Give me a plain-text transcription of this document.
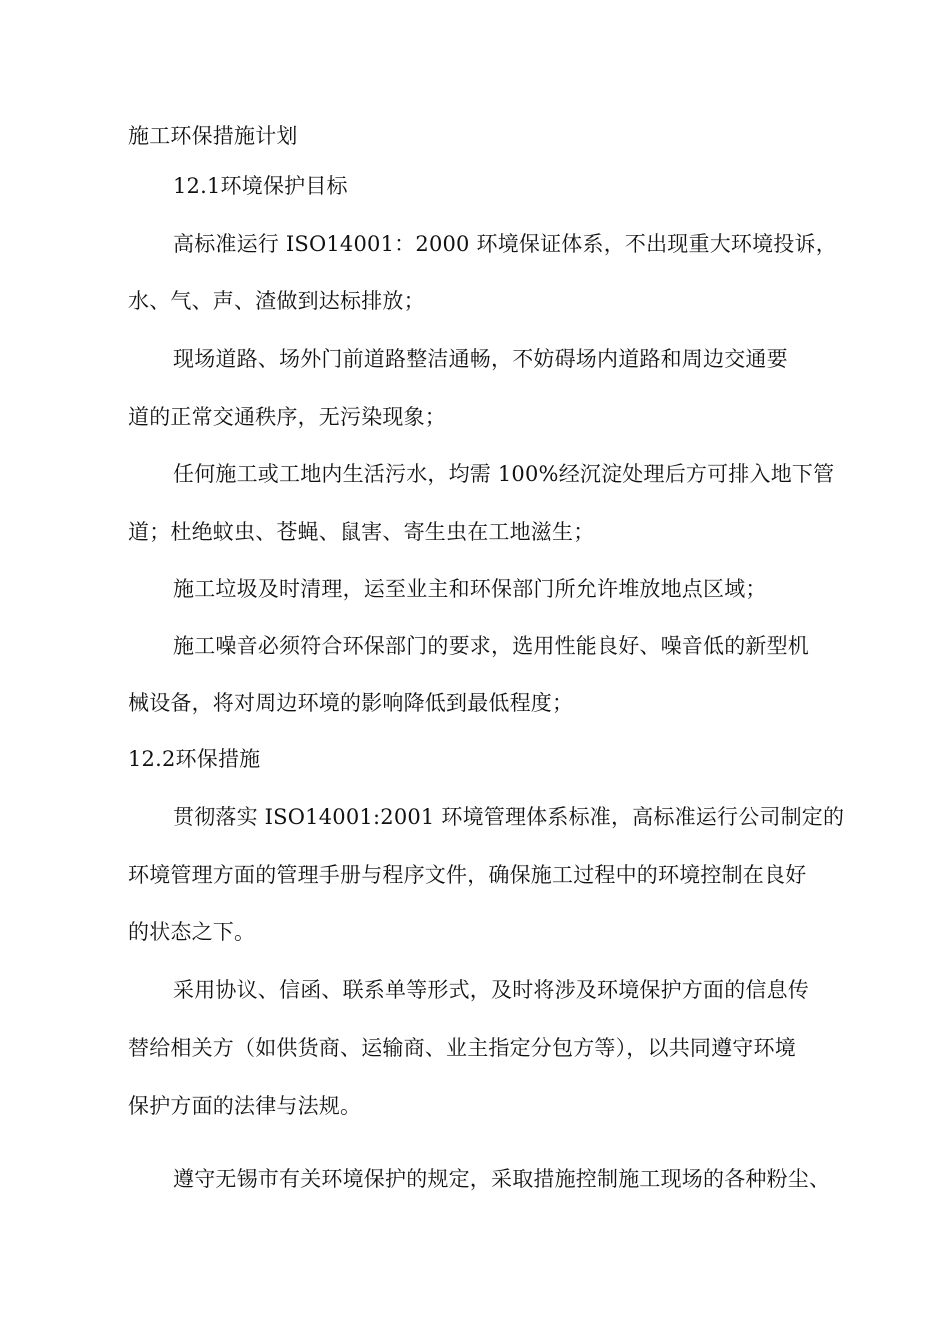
施工环保措施计划
12.1环境保护目标
高标准运行 ISO14001：2000 环境保证体系，不出现重大环境投诉，
水、气、声、渣做到达标排放；
现场道路、场外门前道路整洁通畅，不妨碍场内道路和周边交通要
道的正常交通秩序，无污染现象；
任何施工或工地内生活污水，均需 100%经沉淀处理后方可排入地下管
道；杜绝蚊虫、苍蝇、鼠害、寄生虫在工地滋生；
施工垃圾及时清理，运至业主和环保部门所允许堆放地点区域；
施工噪音必须符合环保部门的要求，选用性能良好、噪音低的新型机
械设备，将对周边环境的影响降低到最低程度；
12.2环保措施
贯彻落实 ISO14001:2001 环境管理体系标准，高标准运行公司制定的
环境管理方面的管理手册与程序文件，确保施工过程中的环境控制在良好
的状态之下。
采用协议、信函、联系单等形式，及时将涉及环境保护方面的信息传
替给相关方（如供货商、运输商、业主指定分包方等），以共同遵守环境
保护方面的法律与法规。
遵守无锡市有关环境保护的规定，采取措施控制施工现场的各种粉尘、
